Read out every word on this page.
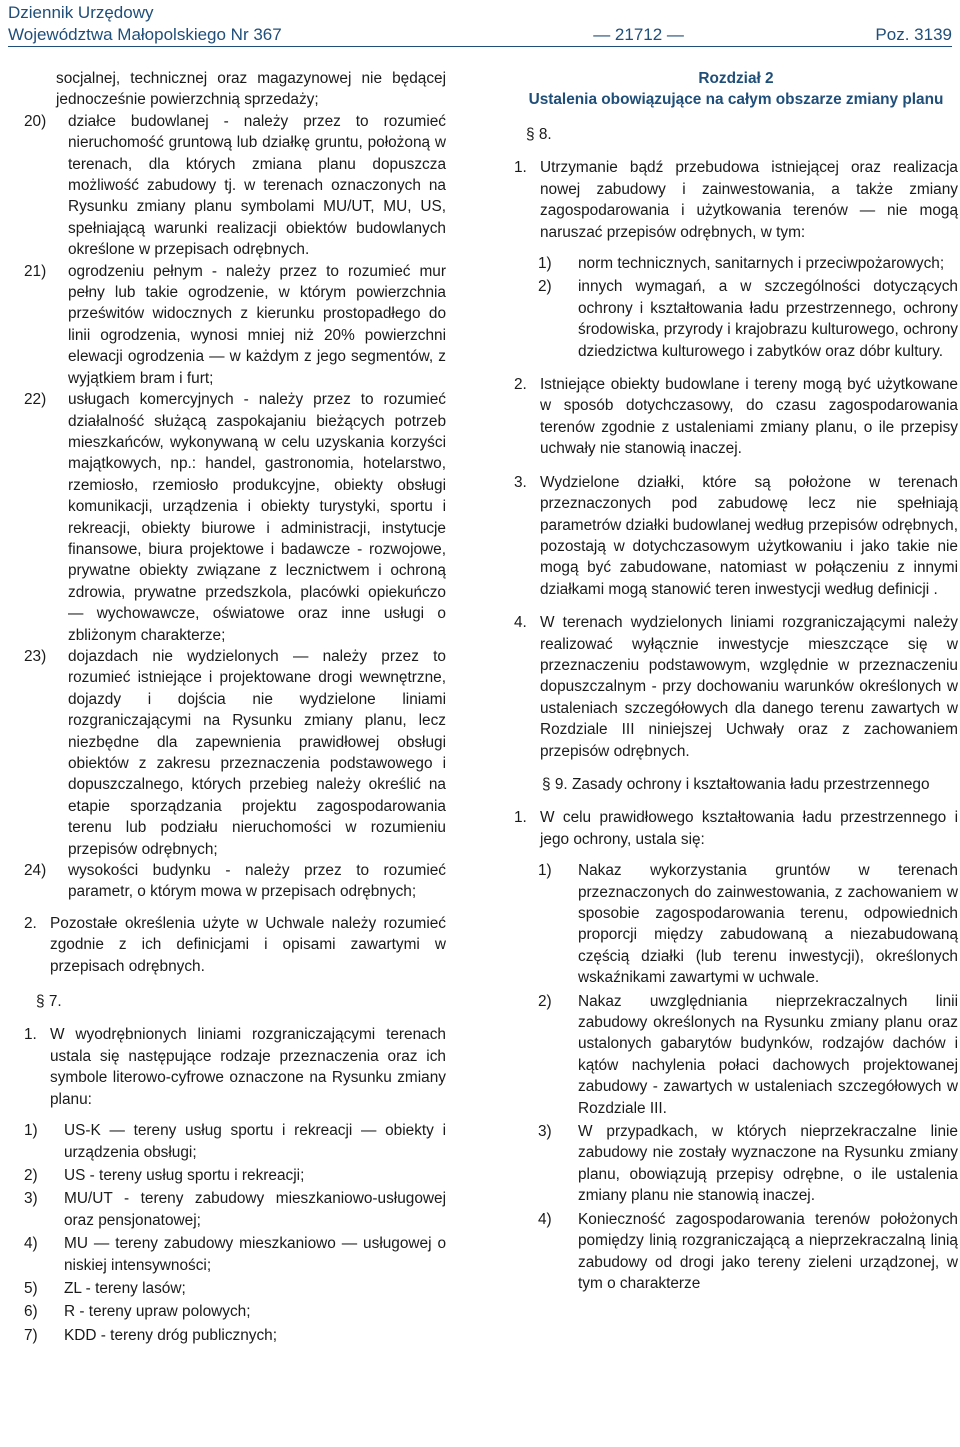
Dziennik Urzędowy
Województwa Małopolskiego Nr 367	— 21712 —	Poz. 3139
socjalnej, technicznej oraz magazynowej nie będącej jednocześnie powierzchnią sprzedaży;
20)	działce budowlanej - należy przez to rozumieć nieruchomość gruntową lub działkę gruntu, położoną w terenach, dla których zmiana planu dopuszcza możliwość zabudowy tj. w terenach oznaczonych na Rysunku zmiany planu symbolami MU/UT, MU, US, spełniającą warunki realizacji obiektów budowlanych określone w przepisach odrębnych.
21)	ogrodzeniu pełnym - należy przez to rozumieć mur pełny lub takie ogrodzenie, w którym powierzchnia prześwitów widocznych z kierunku prostopadłego do linii ogrodzenia, wynosi mniej niż 20% powierzchni elewacji ogrodzenia — w każdym z jego segmentów, z wyjątkiem bram i furt;
22)	usługach komercyjnych - należy przez to rozumieć działalność służącą zaspokajaniu bieżących potrzeb mieszkańców, wykonywaną w celu uzyskania korzyści majątkowych, np.: handel, gastronomia, hotelarstwo, rzemiosło, rzemiosło produkcyjne, obiekty obsługi komunikacji, urządzenia i obiekty turystyki, sportu i rekreacji, obiekty biurowe i administracji, instytucje finansowe, biura projektowe i badawcze - rozwojowe, prywatne obiekty związane z lecznictwem i ochroną zdrowia, prywatne przedszkola, placówki opiekuńczo — wychowawcze, oświatowe oraz inne usługi o zbliżonym charakterze;
23)	dojazdach nie wydzielonych — należy przez to rozumieć istniejące i projektowane drogi wewnętrzne, dojazdy i dojścia nie wydzielone liniami rozgraniczającymi na Rysunku zmiany planu, lecz niezbędne dla zapewnienia prawidłowej obsługi obiektów z zakresu przeznaczenia podstawowego i dopuszczalnego, których przebieg należy określić na etapie sporządzania projektu zagospodarowania terenu lub podziału nieruchomości w rozumieniu przepisów odrębnych;
24)	wysokości budynku - należy przez to rozumieć parametr, o którym mowa w przepisach odrębnych;
2. Pozostałe określenia użyte w Uchwale należy rozumieć zgodnie z ich definicjami i opisami zawartymi w przepisach odrębnych.
§ 7.
1. W wyodrębnionych liniami rozgraniczającymi terenach ustala się następujące rodzaje przeznaczenia oraz ich symbole literowo-cyfrowe oznaczone na Rysunku zmiany planu:
1)	US-K — tereny usług sportu i rekreacji — obiekty i urządzenia obsługi;
2)	US - tereny usług sportu i rekreacji;
3)	MU/UT - tereny zabudowy mieszkaniowo-usługowej oraz pensjonatowej;
4)	MU — tereny zabudowy mieszkaniowo — usługowej o niskiej intensywności;
5)	ZL - tereny lasów;
6)	R - tereny upraw polowych;
7)	KDD - tereny dróg publicznych;
Rozdział 2
Ustalenia obowiązujące na całym obszarze zmiany planu
§ 8.
1. Utrzymanie bądź przebudowa istniejącej oraz realizacja nowej zabudowy i zainwestowania, a także zmiany zagospodarowania i użytkowania terenów — nie mogą naruszać przepisów odrębnych, w tym:
1)	norm technicznych, sanitarnych i przeciwpożarowych;
2)	innych wymagań, a w szczególności dotyczących ochrony i kształtowania ładu przestrzennego, ochrony środowiska, przyrody i krajobrazu kulturowego, ochrony dziedzictwa kulturowego i zabytków oraz dóbr kultury.
2. Istniejące obiekty budowlane i tereny mogą być użytkowane w sposób dotychczasowy, do czasu zagospodarowania terenów zgodnie z ustaleniami zmiany planu, o ile przepisy uchwały nie stanowią inaczej.
3. Wydzielone działki, które są położone w terenach przeznaczonych pod zabudowę lecz nie spełniają parametrów działki budowlanej według przepisów odrębnych, pozostają w dotychczasowym użytkowaniu i jako takie nie mogą być zabudowane, natomiast w połączeniu z innymi działkami mogą stanowić teren inwestycji według definicji .
4. W terenach wydzielonych liniami rozgraniczającymi należy realizować wyłącznie inwestycje mieszczące się w przeznaczeniu podstawowym, względnie w przeznaczeniu dopuszczalnym - przy dochowaniu warunków określonych w ustaleniach szczegółowych dla danego terenu zawartych w Rozdziale III niniejszej Uchwały oraz z zachowaniem przepisów odrębnych.
§ 9. Zasady ochrony i kształtowania ładu przestrzennego
1. W celu prawidłowego kształtowania ładu przestrzennego i jego ochrony, ustala się:
1)	Nakaz wykorzystania gruntów w terenach przeznaczonych do zainwestowania, z zachowaniem w sposobie zagospodarowania terenu, odpowiednich proporcji między zabudowaną a niezabudowaną częścią działki (lub terenu inwestycji), określonych wskaźnikami zawartymi w uchwale.
2)	Nakaz uwzględniania nieprzekraczalnych linii zabudowy określonych na Rysunku zmiany planu oraz ustalonych gabarytów budynków, rodzajów dachów i kątów nachylenia połaci dachowych projektowanej zabudowy - zawartych w ustaleniach szczegółowych w Rozdziale III.
3)	W przypadkach, w których nieprzekraczalne linie zabudowy nie zostały wyznaczone na Rysunku zmiany planu, obowiązują przepisy odrębne, o ile ustalenia zmiany planu nie stanowią inaczej.
4)	Konieczność zagospodarowania terenów położonych pomiędzy linią rozgraniczającą a nieprzekraczalną linią zabudowy od drogi jako tereny zieleni urządzonej, w tym o charakterze
